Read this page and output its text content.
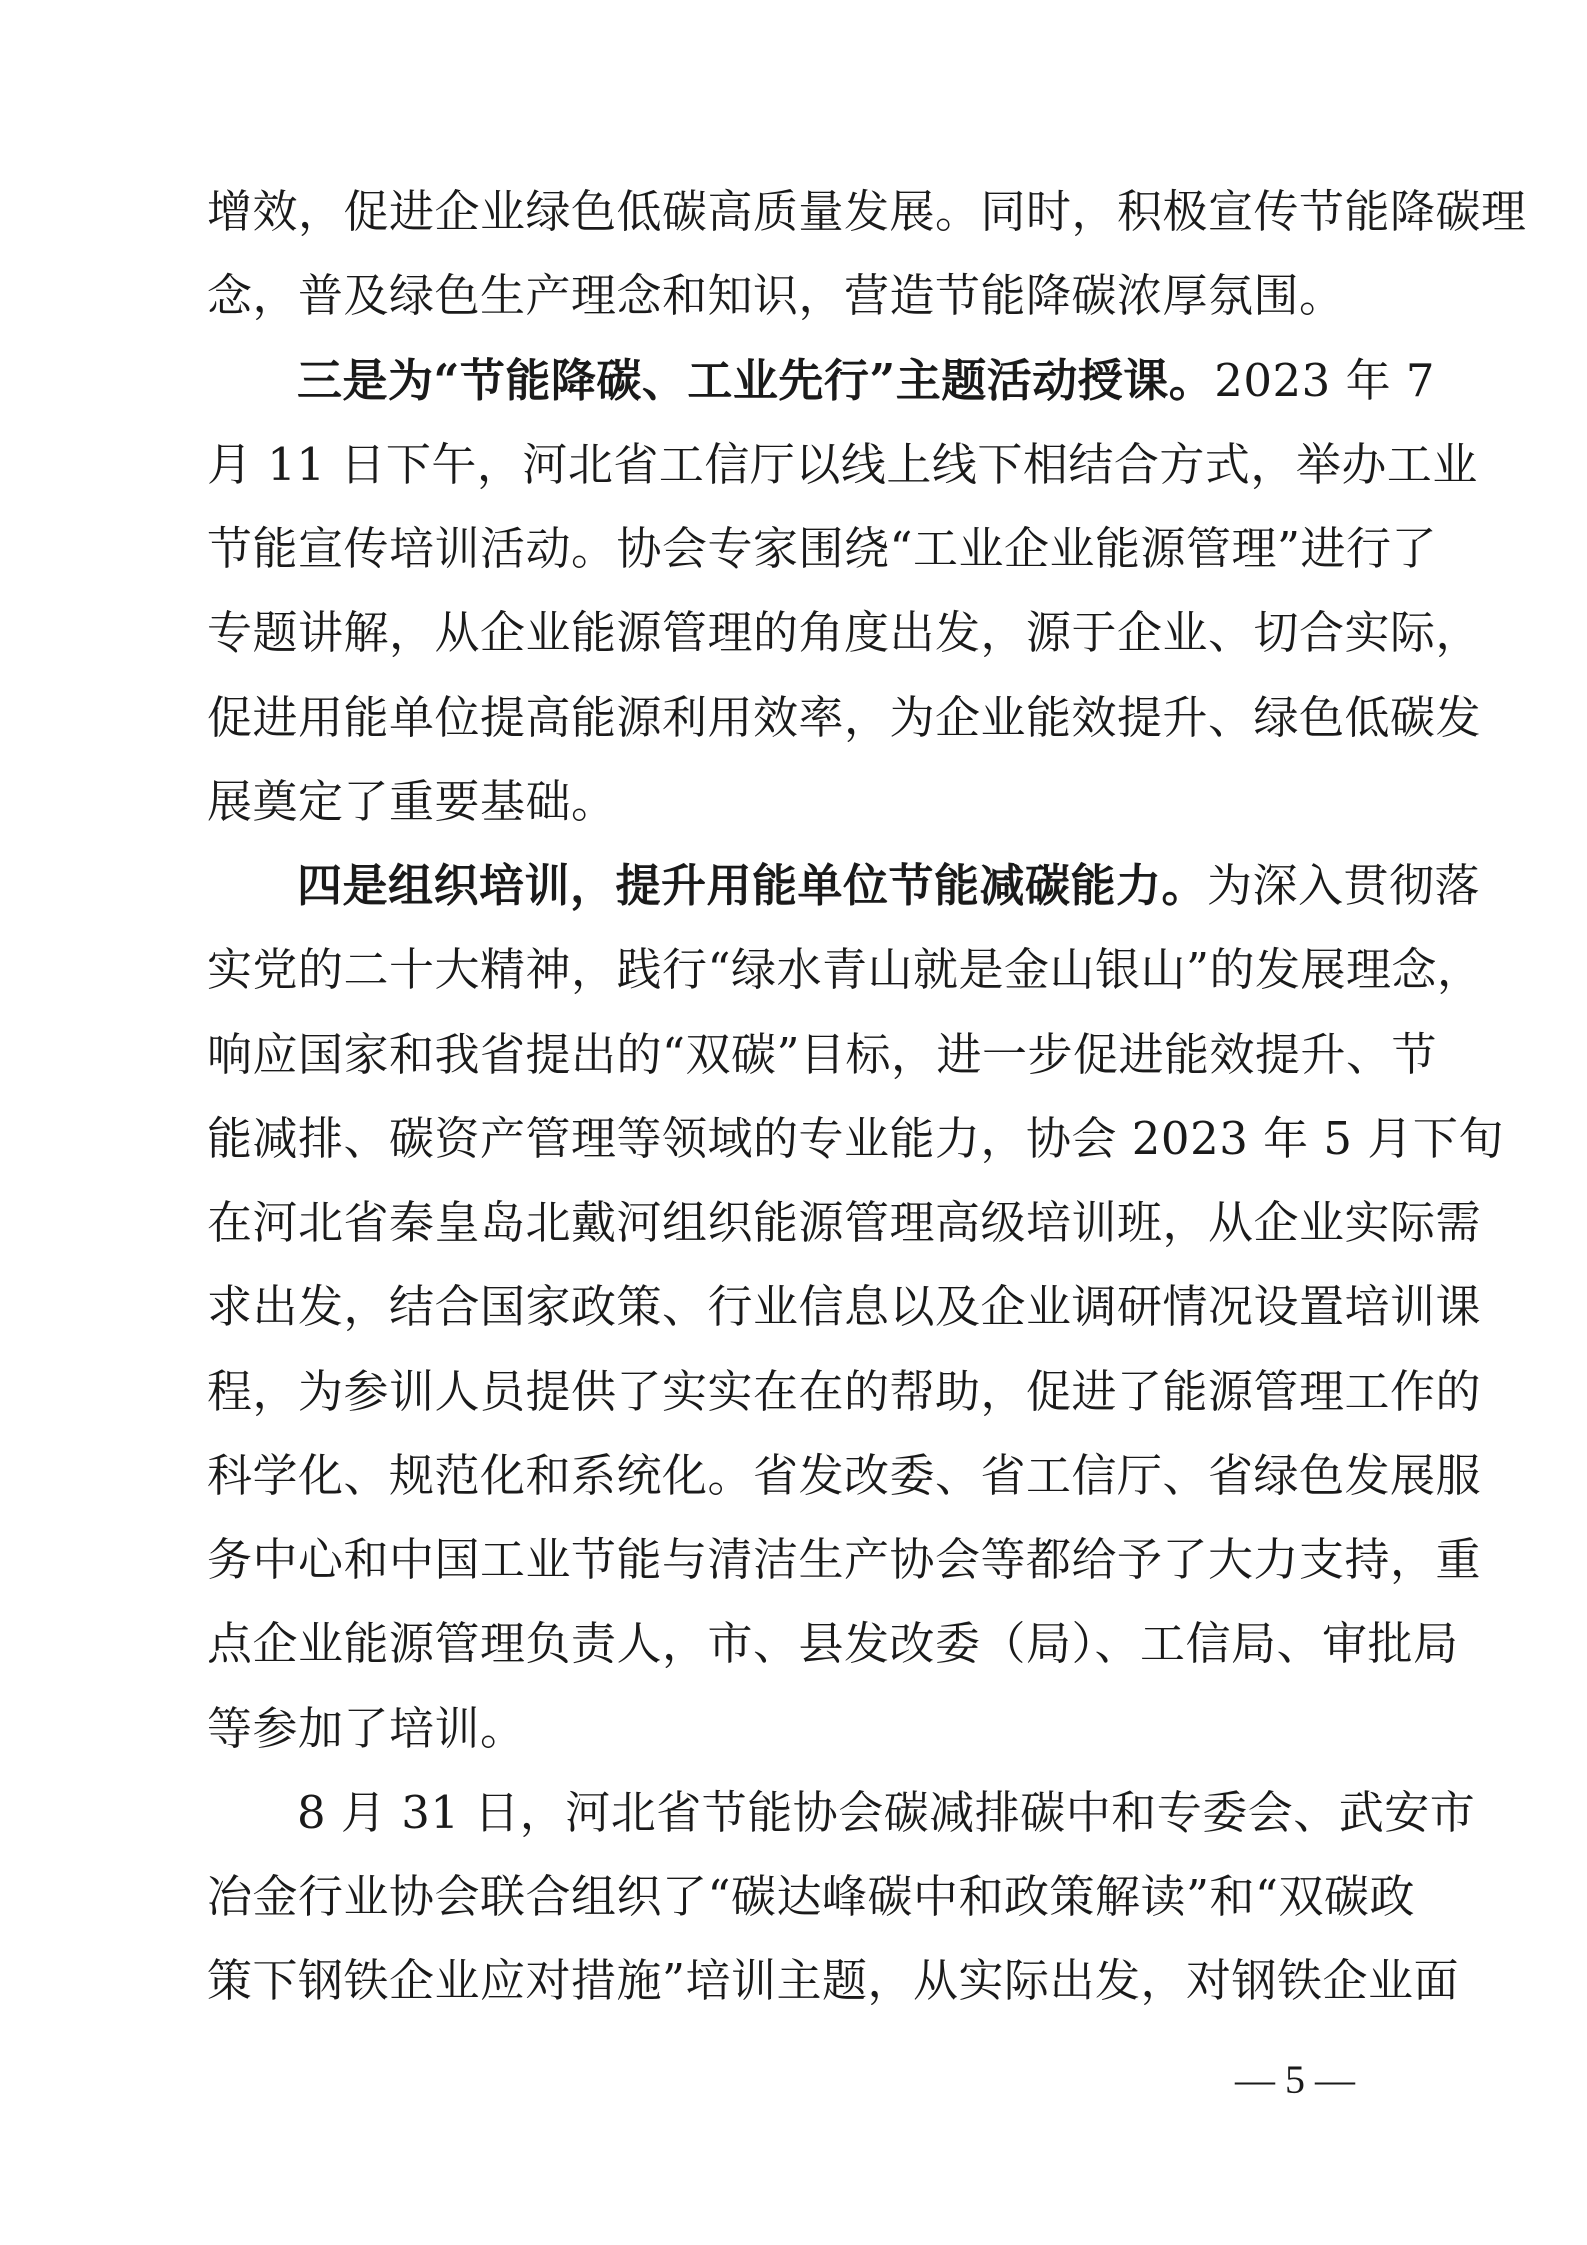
增效，促进企业绿色低碳高质量发展。同时，积极宣传节能降碳理
念，普及绿色生产理念和知识，营造节能降碳浓厚氛围。
三是为“节能降碳、工业先行”主题活动授课。2023 年 7
月 11 日下午，河北省工信厅以线上线下相结合方式，举办工业
节能宣传培训活动。协会专家围绕“工业企业能源管理”进行了
专题讲解，从企业能源管理的角度出发，源于企业、切合实际，
促进用能单位提高能源利用效率，为企业能效提升、绿色低碳发
展奠定了重要基础。
四是组织培训，提升用能单位节能减碳能力。为深入贯彻落
实党的二十大精神，践行“绿水青山就是金山银山”的发展理念，
响应国家和我省提出的“双碳”目标，进一步促进能效提升、节
能减排、碳资产管理等领域的专业能力，协会 2023 年 5 月下旬
在河北省秦皇岛北戴河组织能源管理高级培训班，从企业实际需
求出发，结合国家政策、行业信息以及企业调研情况设置培训课
程，为参训人员提供了实实在在的帮助，促进了能源管理工作的
科学化、规范化和系统化。省发改委、省工信厅、省绿色发展服
务中心和中国工业节能与清洁生产协会等都给予了大力支持，重
点企业能源管理负责人，市、县发改委（局）、工信局、审批局
等参加了培训。
8 月 31 日，河北省节能协会碳减排碳中和专委会、武安市
冶金行业协会联合组织了“碳达峰碳中和政策解读”和“双碳政
策下钢铁企业应对措施”培训主题，从实际出发，对钢铁企业面
— 5 —
